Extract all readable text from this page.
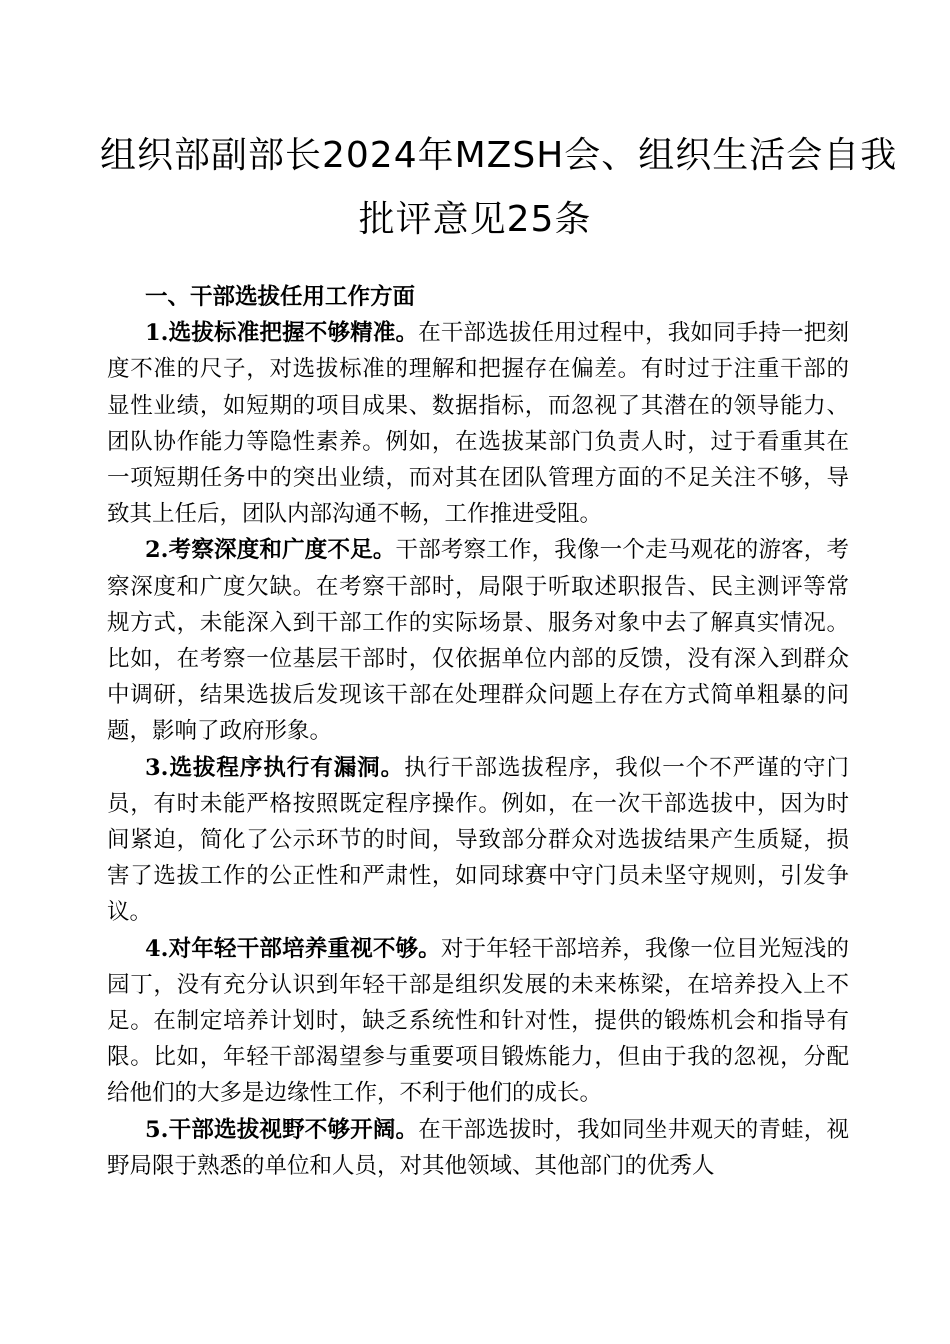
组织部副部长2024年MZSH会、组织生活会自我
批评意见25条

一、干部选拔任用工作方面

1.选拔标准把握不够精准。在干部选拔任用过程中，我如同手持一把刻度不准的尺子，对选拔标准的理解和把握存在偏差。有时过于注重干部的显性业绩，如短期的项目成果、数据指标，而忽视了其潜在的领导能力、团队协作能力等隐性素养。例如，在选拔某部门负责人时，过于看重其在一项短期任务中的突出业绩，而对其在团队管理方面的不足关注不够，导致其上任后，团队内部沟通不畅，工作推进受阻。

2.考察深度和广度不足。干部考察工作，我像一个走马观花的游客，考察深度和广度欠缺。在考察干部时，局限于听取述职报告、民主测评等常规方式，未能深入到干部工作的实际场景、服务对象中去了解真实情况。比如，在考察一位基层干部时，仅依据单位内部的反馈，没有深入到群众中调研，结果选拔后发现该干部在处理群众问题上存在方式简单粗暴的问题，影响了政府形象。

3.选拔程序执行有漏洞。执行干部选拔程序，我似一个不严谨的守门员，有时未能严格按照既定程序操作。例如，在一次干部选拔中，因为时间紧迫，简化了公示环节的时间，导致部分群众对选拔结果产生质疑，损害了选拔工作的公正性和严肃性，如同球赛中守门员未坚守规则，引发争议。

4.对年轻干部培养重视不够。对于年轻干部培养，我像一位目光短浅的园丁，没有充分认识到年轻干部是组织发展的未来栋梁，在培养投入上不足。在制定培养计划时，缺乏系统性和针对性，提供的锻炼机会和指导有限。比如，年轻干部渴望参与重要项目锻炼能力，但由于我的忽视，分配给他们的大多是边缘性工作，不利于他们的成长。

5.干部选拔视野不够开阔。在干部选拔时，我如同坐井观天的青蛙，视野局限于熟悉的单位和人员，对其他领域、其他部门的优秀人
